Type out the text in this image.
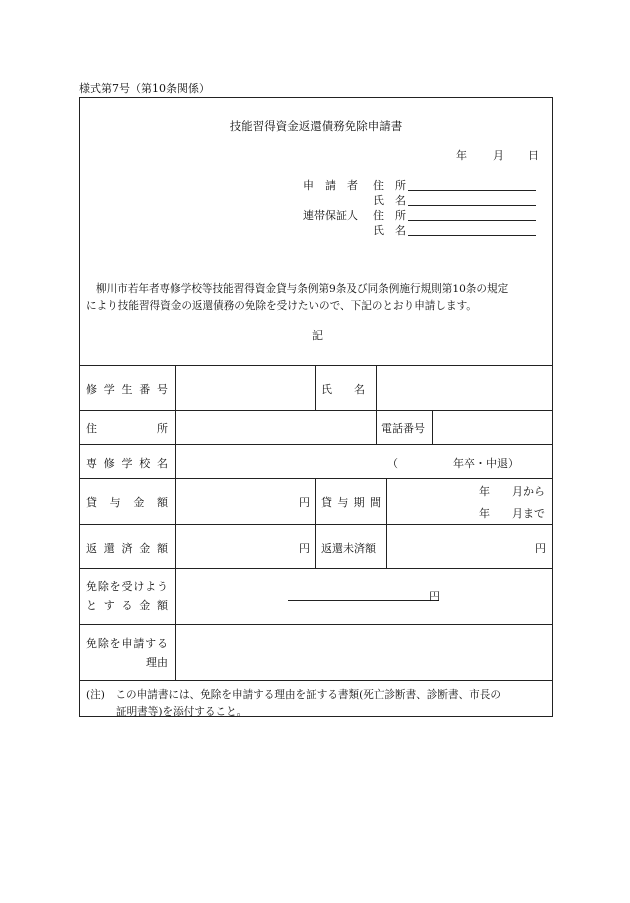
様式第7号（第10条関係）
技能習得資金返還債務免除申請書
年 月 日
申　請　者 住　所
氏　名
連帯保証人 住　所
氏　名
柳川市若年者専修学校等技能習得資金貸与条例第9条及び同条例施行規則第10条の規定
により技能習得資金の返還債務の免除を受けたいので、下記のとおり申請します。
記
修学生番号	氏　　名
住所	電話番号
専修学校名	（　　　　　年卒・中退）
貸与金額	円 貸与期間
年　　月から
年　　月まで
返還済金額	円 返還未済額	円
免除を受けよう
とする金額
円
免除を申請する
理由
(注)　この申請書には、免除を申請する理由を証する書類(死亡診断書、診断書、市長の
証明書等)を添付すること。
